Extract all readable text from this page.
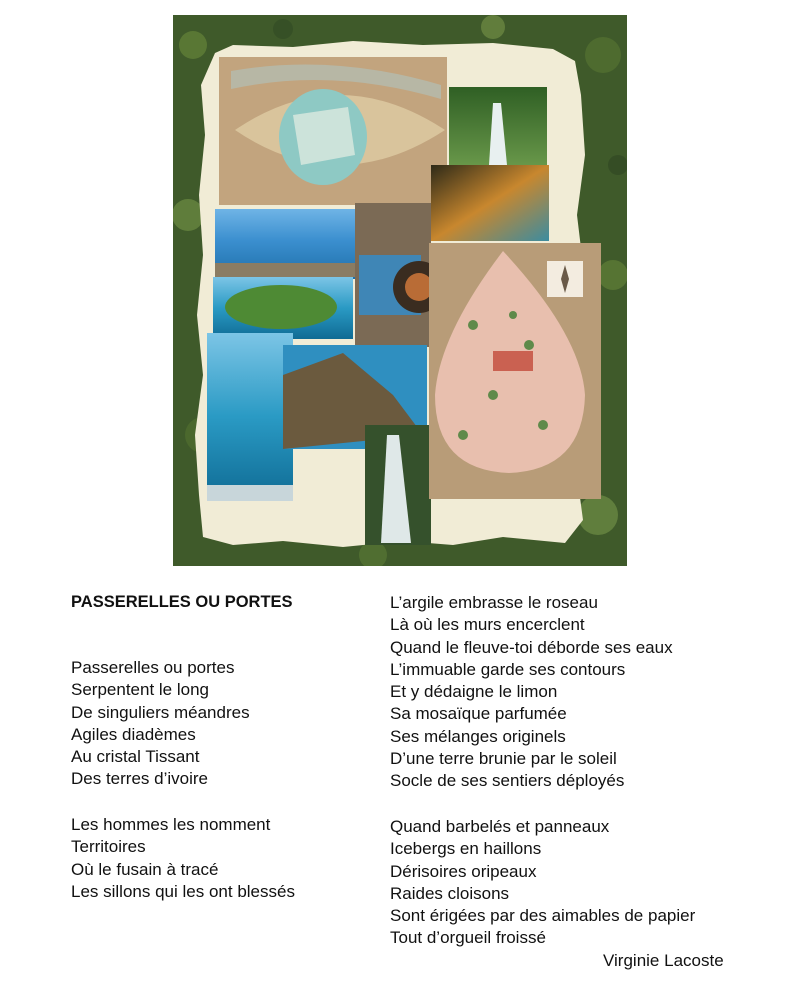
PASSERELLES OU PORTES
Passerelles ou portes
Serpentent le long
De singuliers méandres
Agiles diadèmes
Au cristal Tissant
Des terres d’ivoire
Les hommes les nomment
Territoires
Où le fusain à tracé
Les sillons qui les ont blessés
L’argile embrasse le roseau
Là où les murs encerclent
Quand le fleuve-toi déborde ses eaux
L’immuable garde ses contours
Et y dédaigne le limon
Sa mosaïque parfumée
Ses mélanges originels
D’une terre brunie par le soleil
Socle de ses sentiers déployés
Quand barbelés et panneaux
Icebergs en haillons
Dérisoires oripeaux
Raides cloisons
Sont érigées par des aimables de papier
Tout d’orgueil froissé
Virginie Lacoste
